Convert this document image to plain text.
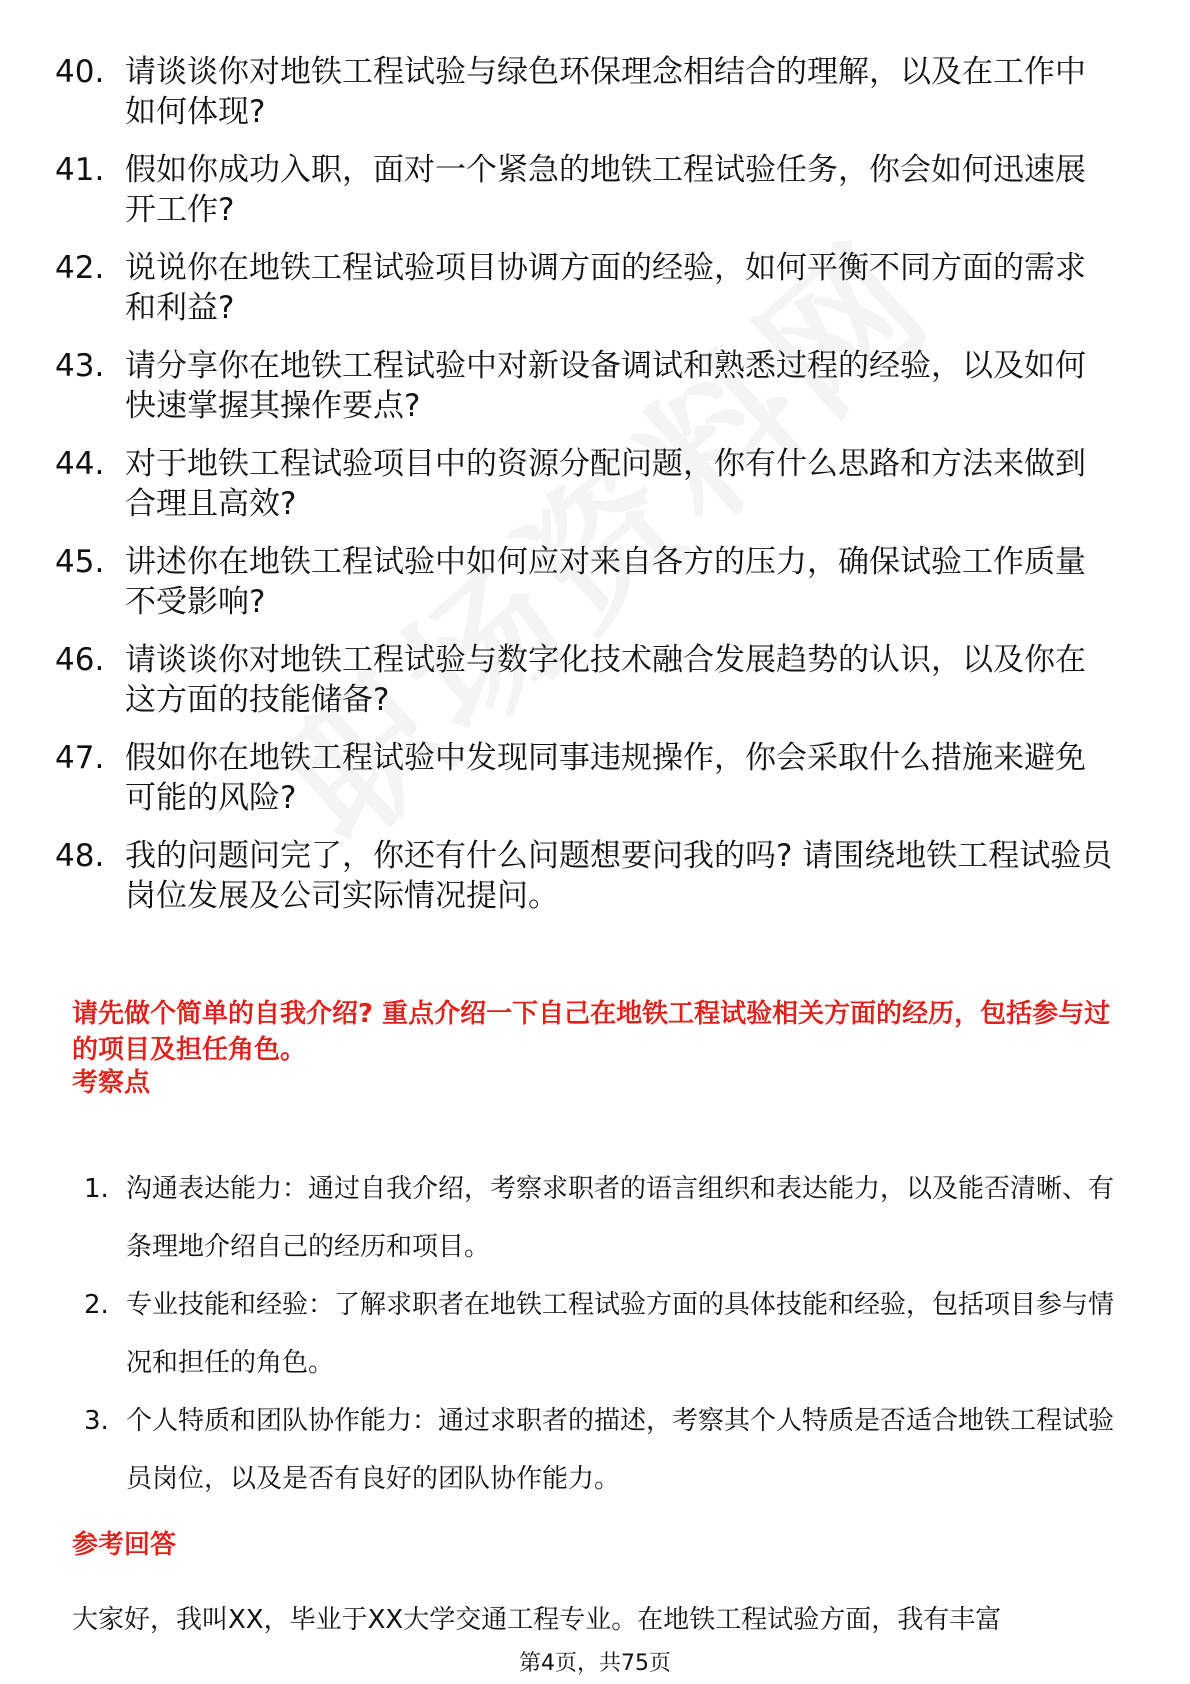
40. 请谈谈你对地铁工程试验与绿色环保理念相结合的理解，以及在工作中如何体现?
41. 假如你成功入职，面对一个紧急的地铁工程试验任务，你会如何迅速展开工作?
42. 说说你在地铁工程试验项目协调方面的经验，如何平衡不同方面的需求和利益?
43. 请分享你在地铁工程试验中对新设备调试和熟悉过程的经验，以及如何快速掌握其操作要点?
44. 对于地铁工程试验项目中的资源分配问题，你有什么思路和方法来做到合理且高效?
45. 讲述你在地铁工程试验中如何应对来自各方的压力，确保试验工作质量不受影响?
46. 请谈谈你对地铁工程试验与数字化技术融合发展趋势的认识，以及你在这方面的技能储备?
47. 假如你在地铁工程试验中发现同事违规操作，你会采取什么措施来避免可能的风险?
48. 我的问题问完了，你还有什么问题想要问我的吗? 请围绕地铁工程试验员岗位发展及公司实际情况提问。
请先做个简单的自我介绍? 重点介绍一下自己在地铁工程试验相关方面的经历，包括参与过的项目及担任角色。
考察点
1. 沟通表达能力：通过自我介绍，考察求职者的语言组织和表达能力，以及能否清晰、有条理地介绍自己的经历和项目。
2. 专业技能和经验：了解求职者在地铁工程试验方面的具体技能和经验，包括项目参与情况和担任的角色。
3. 个人特质和团队协作能力：通过求职者的描述，考察其个人特质是否适合地铁工程试验员岗位，以及是否有良好的团队协作能力。
参考回答
大家好，我叫XX，毕业于XX大学交通工程专业。在地铁工程试验方面，我有丰富
第4页，共75页
